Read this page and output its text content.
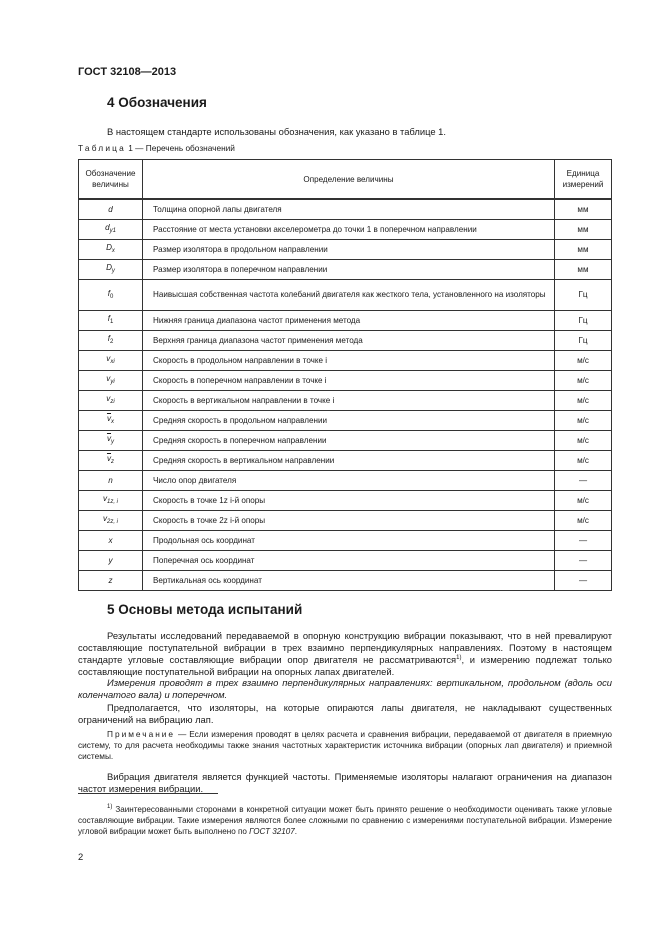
ГОСТ 32108—2013
4 Обозначения
В настоящем стандарте использованы обозначения, как указано в таблице 1.
Таблица 1 — Перечень обозначений
Обозначение величины	Определение величины	Единица измерений
d	Толщина опорной лапы двигателя	мм
$d_{y1}$	Расстояние от места установки акселерометра до точки 1 в поперечном направлении	мм
$D_x$	Размер изолятора в продольном направлении	мм
$D_y$	Размер изолятора в поперечном направлении	мм
$f_0$	Наивысшая собственная частота колебаний двигателя как жесткого тела, установленного на изоляторы	Гц
$f_1$	Нижняя граница диапазона частот применения метода	Гц
$f_2$	Верхняя граница диапазона частот применения метода	Гц
$v_{xi}$	Скорость в продольном направлении в точке i	м/с
$v_{yi}$	Скорость в поперечном направлении в точке i	м/с
$v_{zi}$	Скорость в вертикальном направлении в точке i	м/с
$\overline{v}_x$	Средняя скорость в продольном направлении	м/с
$\overline{v}_y$	Средняя скорость в поперечном направлении	м/с
$\overline{v}_z$	Средняя скорость в вертикальном направлении	м/с
n	Число опор двигателя	—
$v_{1z, i}$	Скорость в точке 1z i-й опоры	м/с
$v_{2z, i}$	Скорость в точке 2z i-й опоры	м/с
x	Продольная ось координат	—
y	Поперечная ось координат	—
z	Вертикальная ось координат	—
5 Основы метода испытаний
Результаты исследований передаваемой в опорную конструкцию вибрации показывают, что в ней превалируют составляющие поступательной вибрации в трех взаимно перпендикулярных направлениях. Поэтому в настоящем стандарте угловые составляющие вибрации опор двигателя не рассматриваются$^{1)}$, и измерению подлежат только составляющие поступательной вибрации на опорных лапах двигателей.
Измерения проводят в трех взаимно перпендикулярных направлениях: вертикальном, продольном (вдоль оси коленчатого вала) и поперечном.
Предполагается, что изоляторы, на которые опираются лапы двигателя, не накладывают существенных ограничений на вибрацию лап.
Примечание — Если измерения проводят в целях расчета и сравнения вибрации, передаваемой от двигателя в приемную систему, то для расчета необходимы также знания частотных характеристик источника вибрации (опорных лап двигателя) и приемной системы.
Вибрация двигателя является функцией частоты. Применяемые изоляторы налагают ограничения на диапазон частот измерения вибрации.
$^{1)}$ Заинтересованными сторонами в конкретной ситуации может быть принято решение о необходимости оценивать также угловые составляющие вибрации. Такие измерения являются более сложными по сравнению с измерениями поступательной вибрации. Измерение угловой вибрации может быть выполнено по ГОСТ 32107.
2
